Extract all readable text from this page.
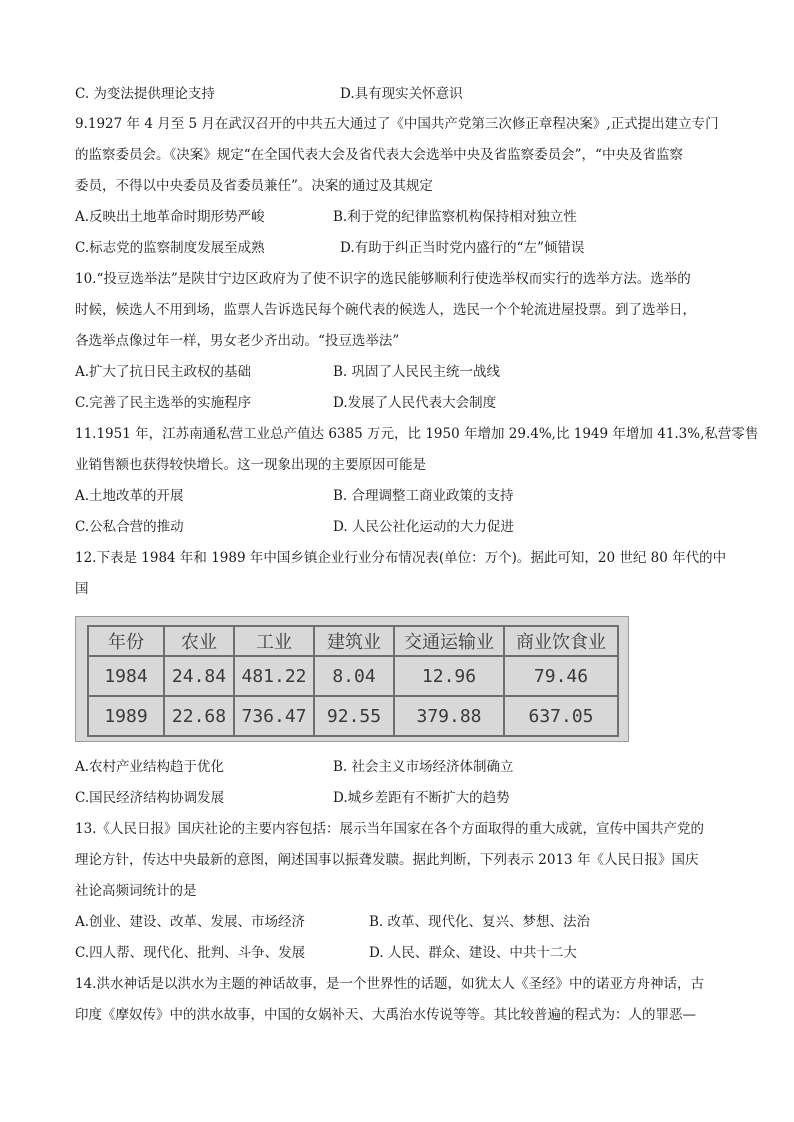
C. 为变法提供理论支持	D.具有现实关怀意识
9.1927 年 4 月至 5 月在武汉召开的中共五大通过了《中国共产党第三次修正章程决案》,正式提出建立专门
的监察委员会。《决案》规定“在全国代表大会及省代表大会选举中央及省监察委员会”，“中央及省监察
委员，不得以中央委员及省委员兼任”。决案的通过及其规定
A.反映出土地革命时期形势严峻	B.利于党的纪律监察机构保持相对独立性
C.标志党的监察制度发展至成熟	D.有助于纠正当时党内盛行的“左”倾错误
10.“投豆选举法”是陕甘宁边区政府为了使不识字的选民能够顺利行使选举权而实行的选举方法。选举的
时候，候选人不用到场，监票人告诉选民每个碗代表的候选人，选民一个个轮流进屋投票。到了选举日，
各选举点像过年一样，男女老少齐出动。“投豆选举法”
A.扩大了抗日民主政权的基础	B. 巩固了人民民主统一战线
C.完善了民主选举的实施程序	D.发展了人民代表大会制度
11.1951 年，江苏南通私营工业总产值达 6385 万元，比 1950 年增加 29.4%,比 1949 年增加 41.3%,私营零售
业销售额也获得较快增长。这一现象出现的主要原因可能是
A.土地改革的开展	B. 合理调整工商业政策的支持
C.公私合营的推动	D. 人民公社化运动的大力促进
12.下表是 1984 年和 1989 年中国乡镇企业行业分布情况表(单位：万个)。据此可知，20 世纪 80 年代的中
国
年份	农业	工业	建筑业	交通运输业	商业饮食业
1984	24.84	481.22	8.04	12.96	79.46
1989	22.68	736.47	92.55	379.88	637.05
A.农村产业结构趋于优化	B. 社会主义市场经济体制确立
C.国民经济结构协调发展	D.城乡差距有不断扩大的趋势
13.《人民日报》国庆社论的主要内容包括：展示当年国家在各个方面取得的重大成就，宣传中国共产党的
理论方针，传达中央最新的意图，阐述国事以振聋发聩。据此判断，下列表示 2013 年《人民日报》国庆
社论高频词统计的是
A.创业、建设、改革、发展、市场经济	B. 改革、现代化、复兴、梦想、法治
C.四人帮、现代化、批判、斗争、发展	D. 人民、群众、建设、中共十二大
14.洪水神话是以洪水为主题的神话故事，是一个世界性的话题，如犹太人《圣经》中的诺亚方舟神话，古
印度《摩奴传》中的洪水故事，中国的女娲补天、大禹治水传说等等。其比较普遍的程式为：人的罪恶—
